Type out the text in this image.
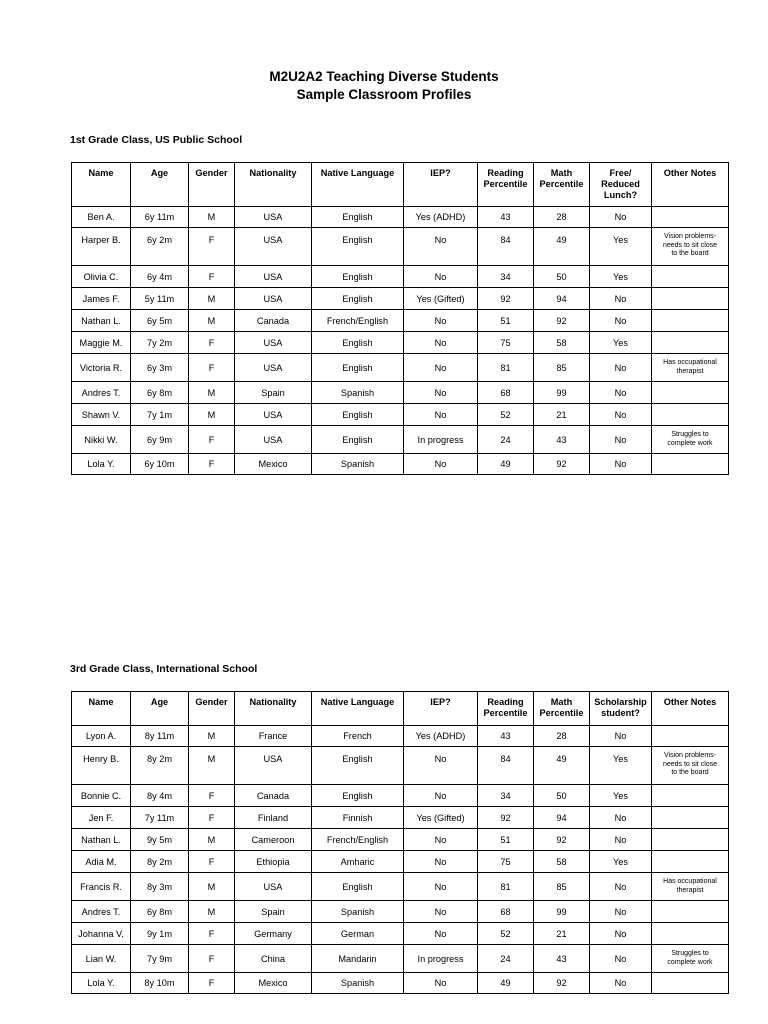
M2U2A2 Teaching Diverse Students
Sample Classroom Profiles
1st Grade Class, US Public School
Name	Age	Gender	Nationality	Native Language	IEP?	Reading
Percentile	Math
Percentile	Free/
Reduced
Lunch?	Other Notes
Ben A.	6y 11m	M	USA	English	Yes (ADHD)	43	28	No	
Harper B.	6y 2m	F	USA	English	No	84	49	Yes	Vision problems-
needs to sit close
to the board
Olivia C.	6y 4m	F	USA	English	No	34	50	Yes	
James F.	5y 11m	M	USA	English	Yes (Gifted)	92	94	No	
Nathan L.	6y 5m	M	Canada	French/English	No	51	92	No	
Maggie M.	7y 2m	F	USA	English	No	75	58	Yes	
Victoria R.	6y 3m	F	USA	English	No	81	85	No	Has occupational
therapist
Andres T.	6y 8m	M	Spain	Spanish	No	68	99	No	
Shawn V.	7y 1m	M	USA	English	No	52	21	No	
Nikki W.	6y 9m	F	USA	English	In progress	24	43	No	Struggles to
complete work
Lola Y.	6y 10m	F	Mexico	Spanish	No	49	92	No	
3rd Grade Class, International School
Name	Age	Gender	Nationality	Native Language	IEP?	Reading
Percentile	Math
Percentile	Scholarship
student?	Other Notes
Lyon A.	8y 11m	M	France	French	Yes (ADHD)	43	28	No	
Henry B.	8y 2m	M	USA	English	No	84	49	Yes	Vision problems-
needs to sit close
to the board
Bonnie C.	8y 4m	F	Canada	English	No	34	50	Yes	
Jen F.	7y 11m	F	Finland	Finnish	Yes (Gifted)	92	94	No	
Nathan L.	9y 5m	M	Cameroon	French/English	No	51	92	No	
Adia M.	8y 2m	F	Ethiopia	Amharic	No	75	58	Yes	
Francis R.	8y 3m	M	USA	English	No	81	85	No	Has occupational
therapist
Andres T.	6y 8m	M	Spain	Spanish	No	68	99	No	
Johanna V.	9y 1m	F	Germany	German	No	52	21	No	
Lian W.	7y 9m	F	China	Mandarin	In progress	24	43	No	Struggles to
complete work
Lola Y.	8y 10m	F	Mexico	Spanish	No	49	92	No	
